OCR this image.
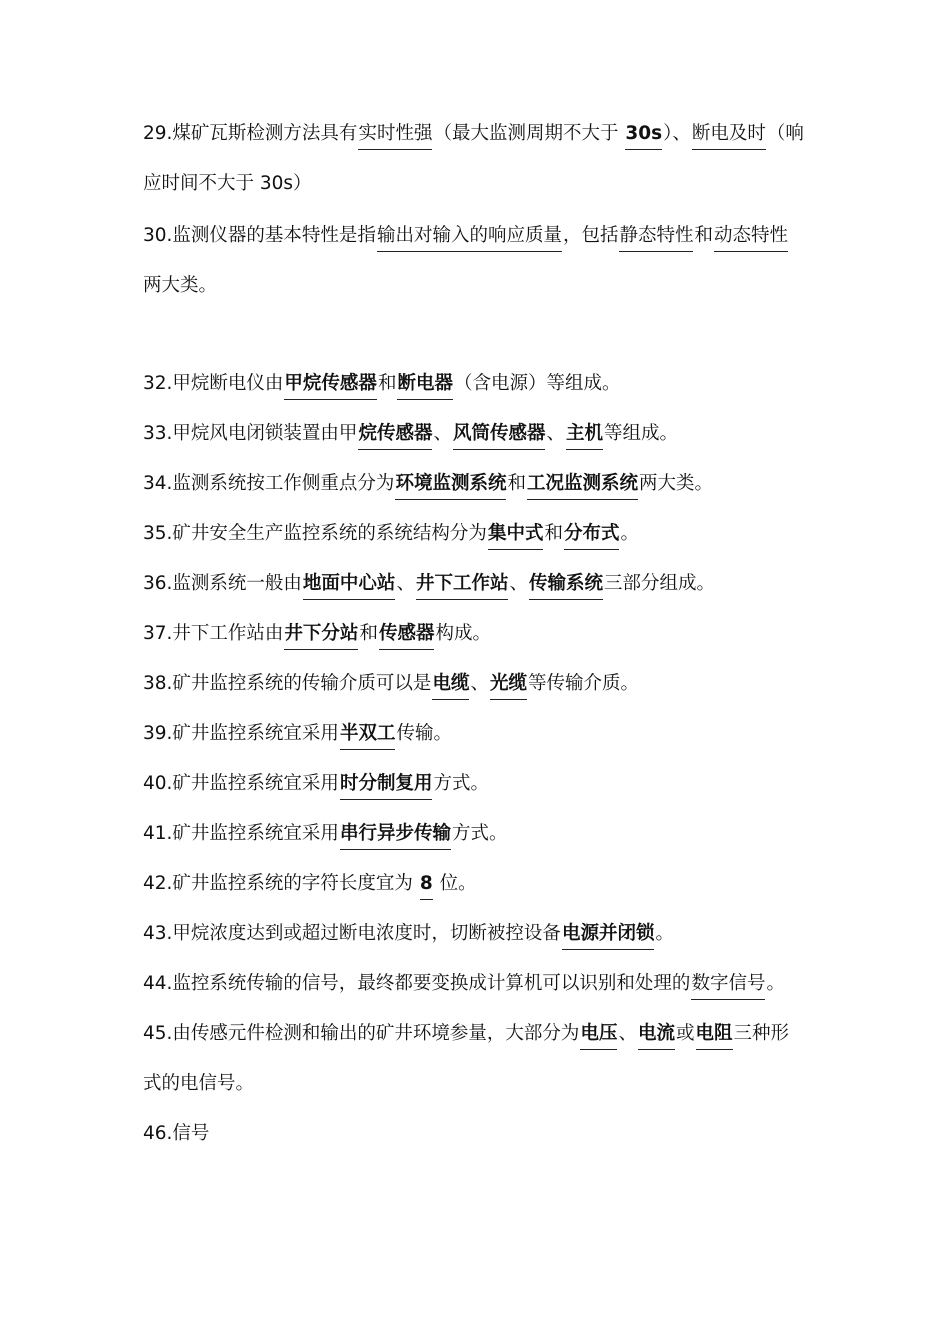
29.煤矿瓦斯检测方法具有实时性强（最大监测周期不大于 30s）、断电及时（响
应时间不大于 30s）
30.监测仪器的基本特性是指输出对输入的响应质量，包括静态特性和动态特性
两大类。
32.甲烷断电仪由甲烷传感器和断电器（含电源）等组成。
33.甲烷风电闭锁装置由甲烷传感器、风筒传感器、主机等组成。
34.监测系统按工作侧重点分为环境监测系统和工况监测系统两大类。
35.矿井安全生产监控系统的系统结构分为集中式和分布式。
36.监测系统一般由地面中心站、井下工作站、传输系统三部分组成。
37.井下工作站由井下分站和传感器构成。
38.矿井监控系统的传输介质可以是电缆、光缆等传输介质。
39.矿井监控系统宜采用半双工传输。
40.矿井监控系统宜采用时分制复用方式。
41.矿井监控系统宜采用串行异步传输方式。
42.矿井监控系统的字符长度宜为 8 位。
43.甲烷浓度达到或超过断电浓度时，切断被控设备电源并闭锁。
44.监控系统传输的信号，最终都要变换成计算机可以识别和处理的数字信号。
45.由传感元件检测和输出的矿井环境参量，大部分为电压、电流或电阻三种形
式的电信号。
46.信号
